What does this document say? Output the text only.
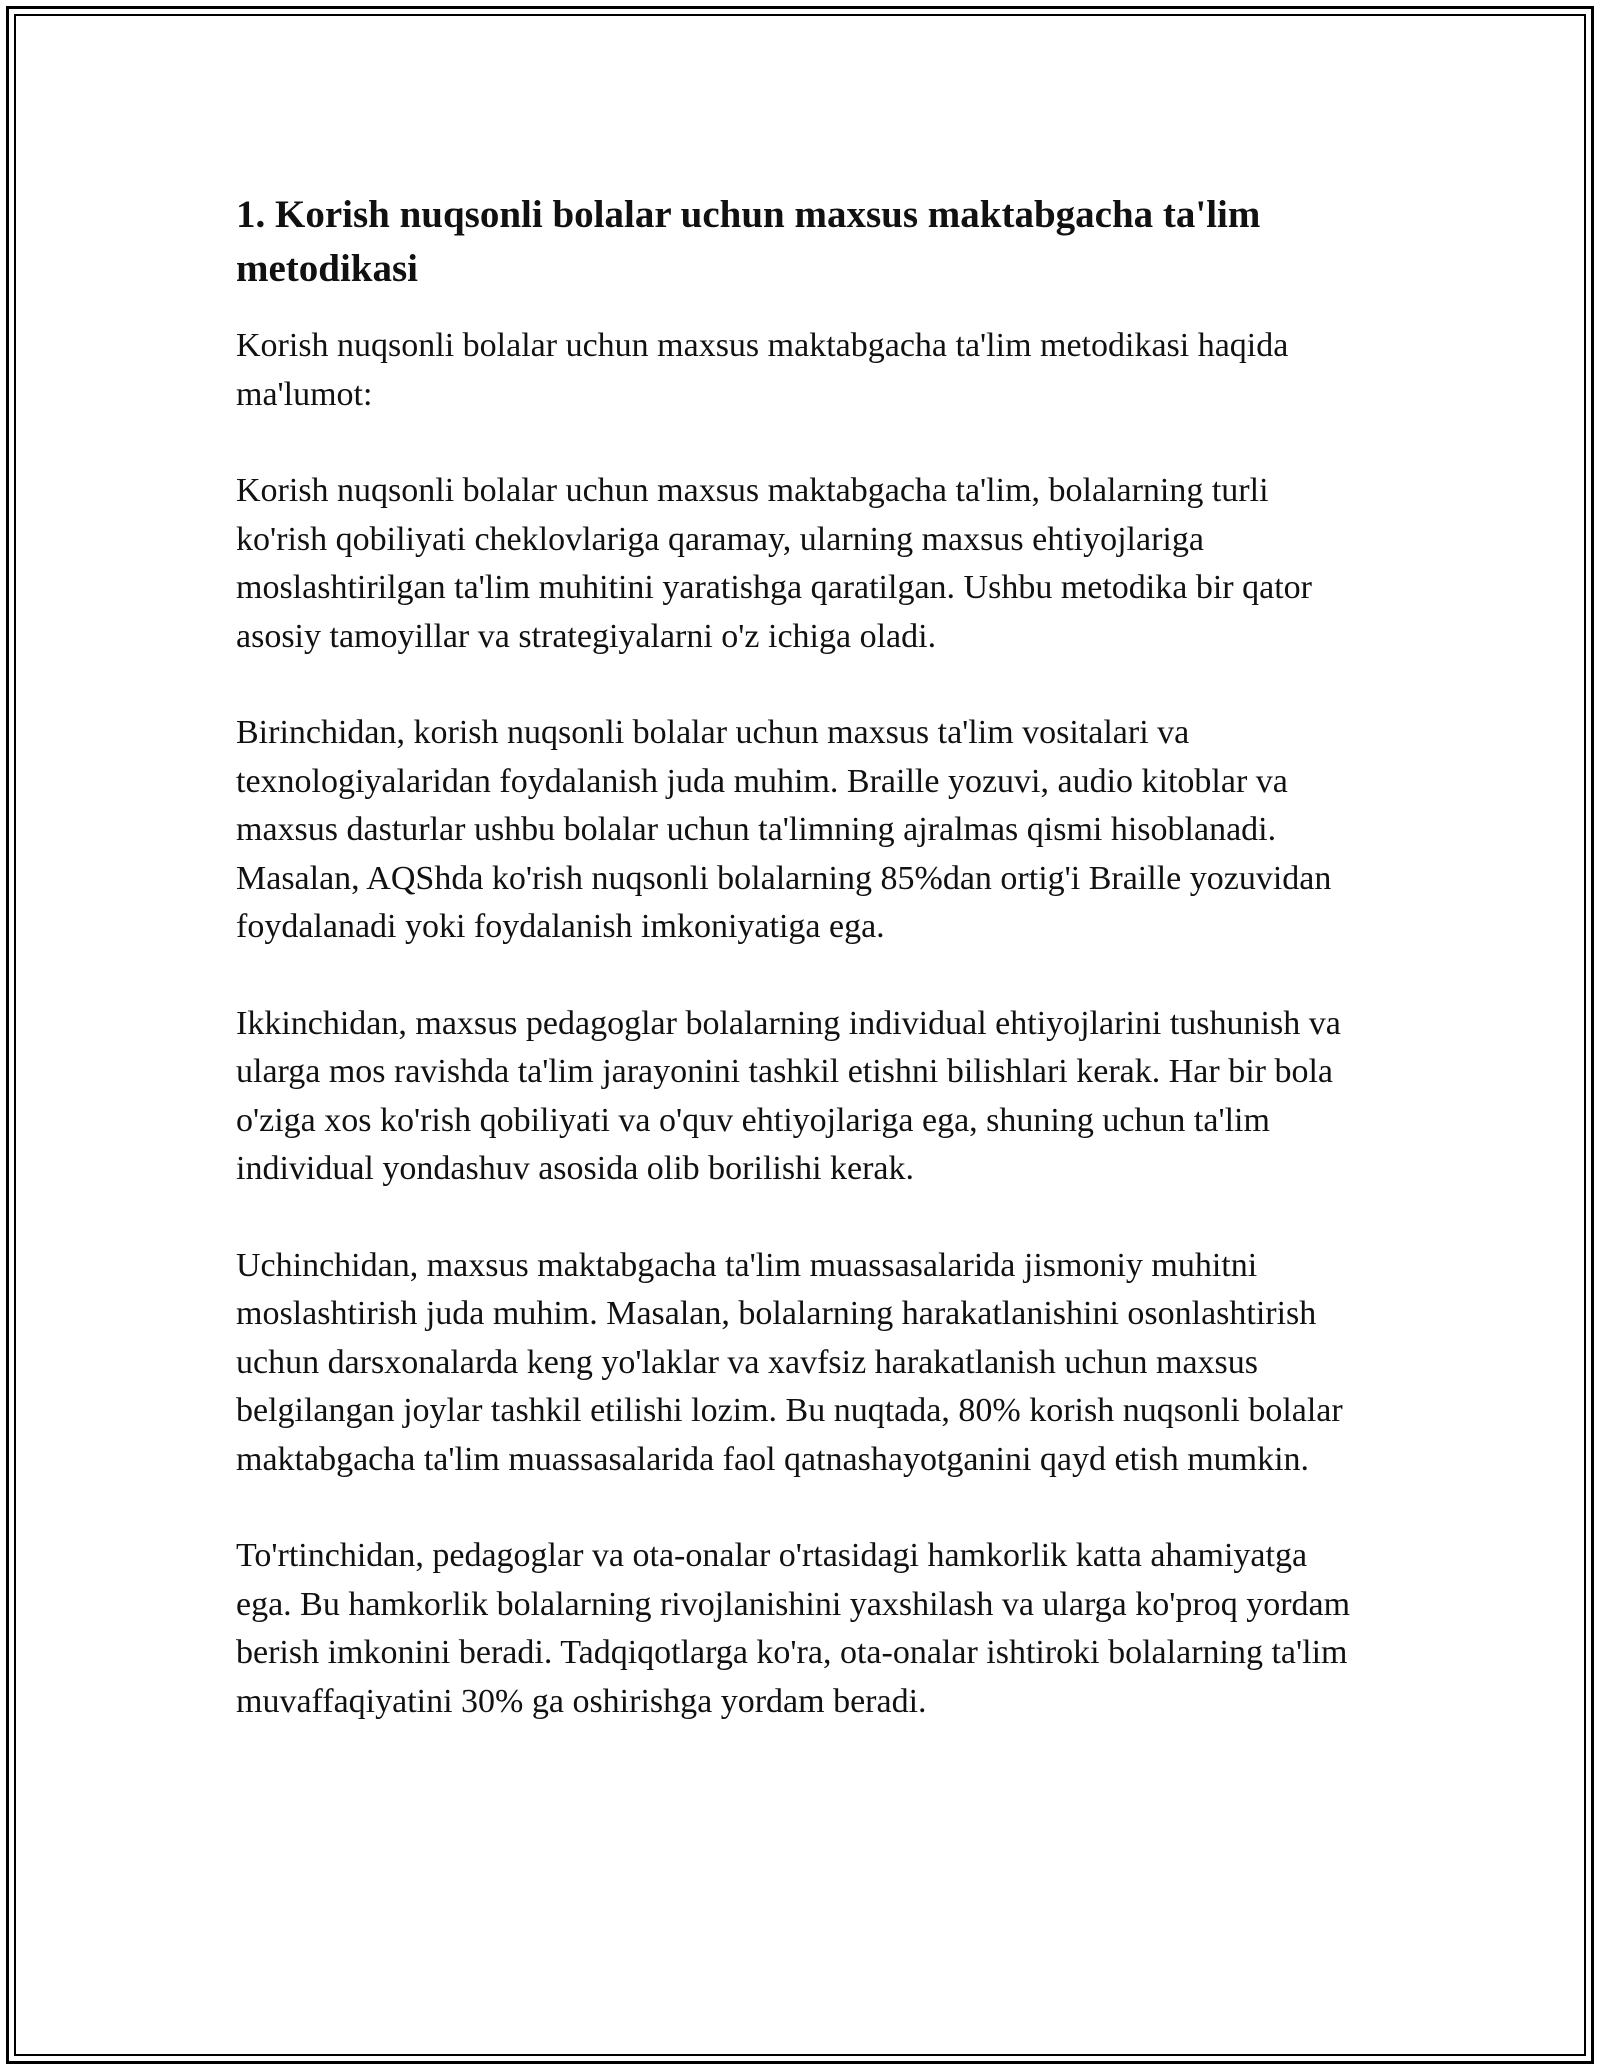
1. Korish nuqsonli bolalar uchun maxsus maktabgacha ta'lim metodikasi

Korish nuqsonli bolalar uchun maxsus maktabgacha ta'lim metodikasi haqida ma'lumot:

Korish nuqsonli bolalar uchun maxsus maktabgacha ta'lim, bolalarning turli ko'rish qobiliyati cheklovlariga qaramay, ularning maxsus ehtiyojlariga moslashtirilgan ta'lim muhitini yaratishga qaratilgan. Ushbu metodika bir qator asosiy tamoyillar va strategiyalarni o'z ichiga oladi.

Birinchidan, korish nuqsonli bolalar uchun maxsus ta'lim vositalari va texnologiyalaridan foydalanish juda muhim. Braille yozuvi, audio kitoblar va maxsus dasturlar ushbu bolalar uchun ta'limning ajralmas qismi hisoblanadi. Masalan, AQShda ko'rish nuqsonli bolalarning 85%dan ortig'i Braille yozuvidan foydalanadi yoki foydalanish imkoniyatiga ega.

Ikkinchidan, maxsus pedagoglar bolalarning individual ehtiyojlarini tushunish va ularga mos ravishda ta'lim jarayonini tashkil etishni bilishlari kerak. Har bir bola o'ziga xos ko'rish qobiliyati va o'quv ehtiyojlariga ega, shuning uchun ta'lim individual yondashuv asosida olib borilishi kerak.

Uchinchidan, maxsus maktabgacha ta'lim muassasalarida jismoniy muhitni moslashtirish juda muhim. Masalan, bolalarning harakatlanishini osonlashtirish uchun darsxonalarda keng yo'laklar va xavfsiz harakatlanish uchun maxsus belgilangan joylar tashkil etilishi lozim. Bu nuqtada, 80% korish nuqsonli bolalar maktabgacha ta'lim muassasalarida faol qatnashayotganini qayd etish mumkin.

To'rtinchidan, pedagoglar va ota-onalar o'rtasidagi hamkorlik katta ahamiyatga ega. Bu hamkorlik bolalarning rivojlanishini yaxshilash va ularga ko'proq yordam berish imkonini beradi. Tadqiqotlarga ko'ra, ota-onalar ishtiroki bolalarning ta'lim muvaffaqiyatini 30% ga oshirishga yordam beradi.
